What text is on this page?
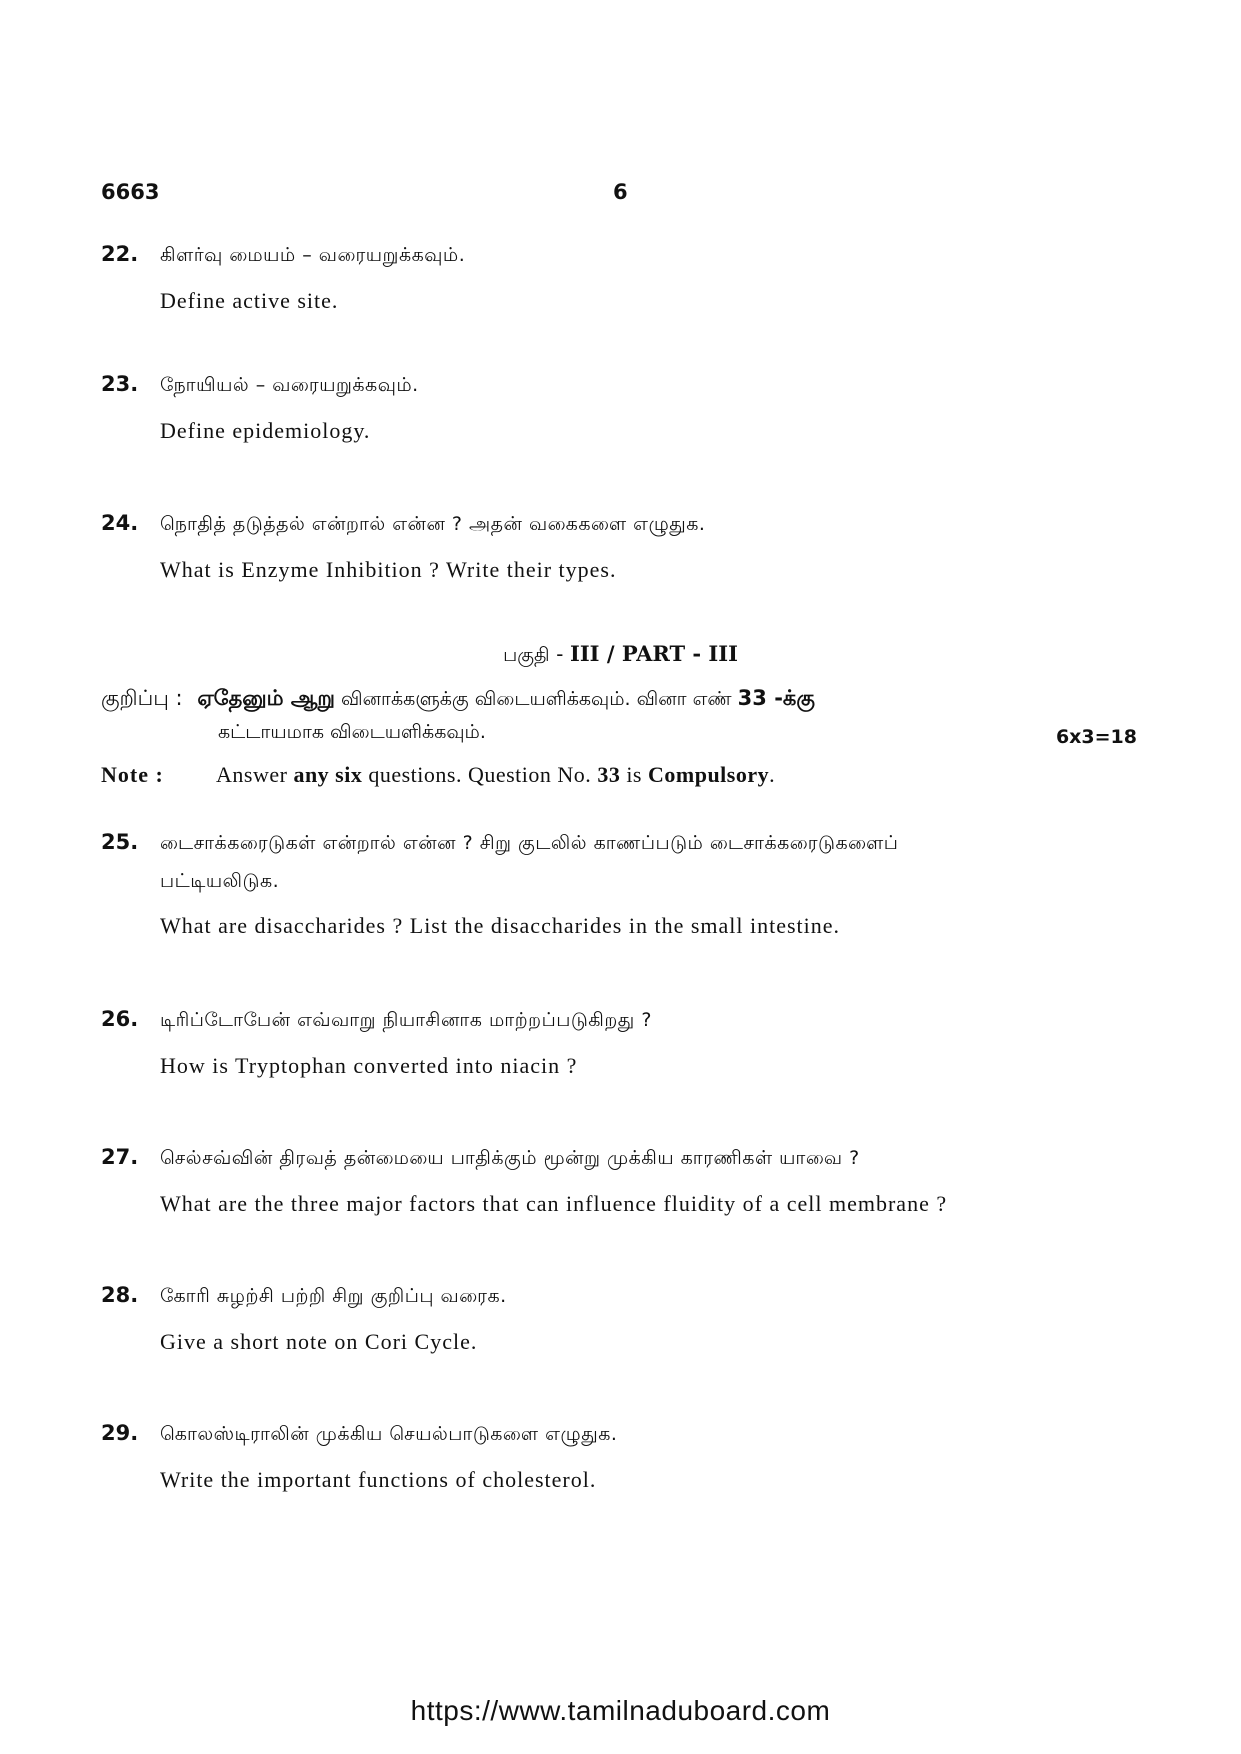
6663	6
22. கிளர்வு மையம் – வரையறுக்கவும்.
Define active site.
23. நோயியல் – வரையறுக்கவும்.
Define epidemiology.
24. நொதித் தடுத்தல் என்றால் என்ன ? அதன் வகைகளை எழுதுக.
What is Enzyme Inhibition ? Write their types.
பகுதி - III / PART - III
குறிப்பு : ஏதேனும் ஆறு வினாக்களுக்கு விடையளிக்கவும். வினா எண் 33 -க்கு
கட்டாயமாக விடையளிக்கவும்.	6x3=18
Note : Answer any six questions. Question No. 33 is Compulsory.
25. டைசாக்கரைடுகள் என்றால் என்ன ? சிறு குடலில் காணப்படும் டைசாக்கரைடுகளைப்
பட்டியலிடுக.
What are disaccharides ? List the disaccharides in the small intestine.
26. டிரிப்டோபேன் எவ்வாறு நியாசினாக மாற்றப்படுகிறது ?
How is Tryptophan converted into niacin ?
27. செல்சவ்வின் திரவத் தன்மையை பாதிக்கும் மூன்று முக்கிய காரணிகள் யாவை ?
What are the three major factors that can influence fluidity of a cell membrane ?
28. கோரி சுழற்சி பற்றி சிறு குறிப்பு வரைக.
Give a short note on Cori Cycle.
29. கொலஸ்டிராலின் முக்கிய செயல்பாடுகளை எழுதுக.
Write the important functions of cholesterol.
https://www.tamilnaduboard.com
